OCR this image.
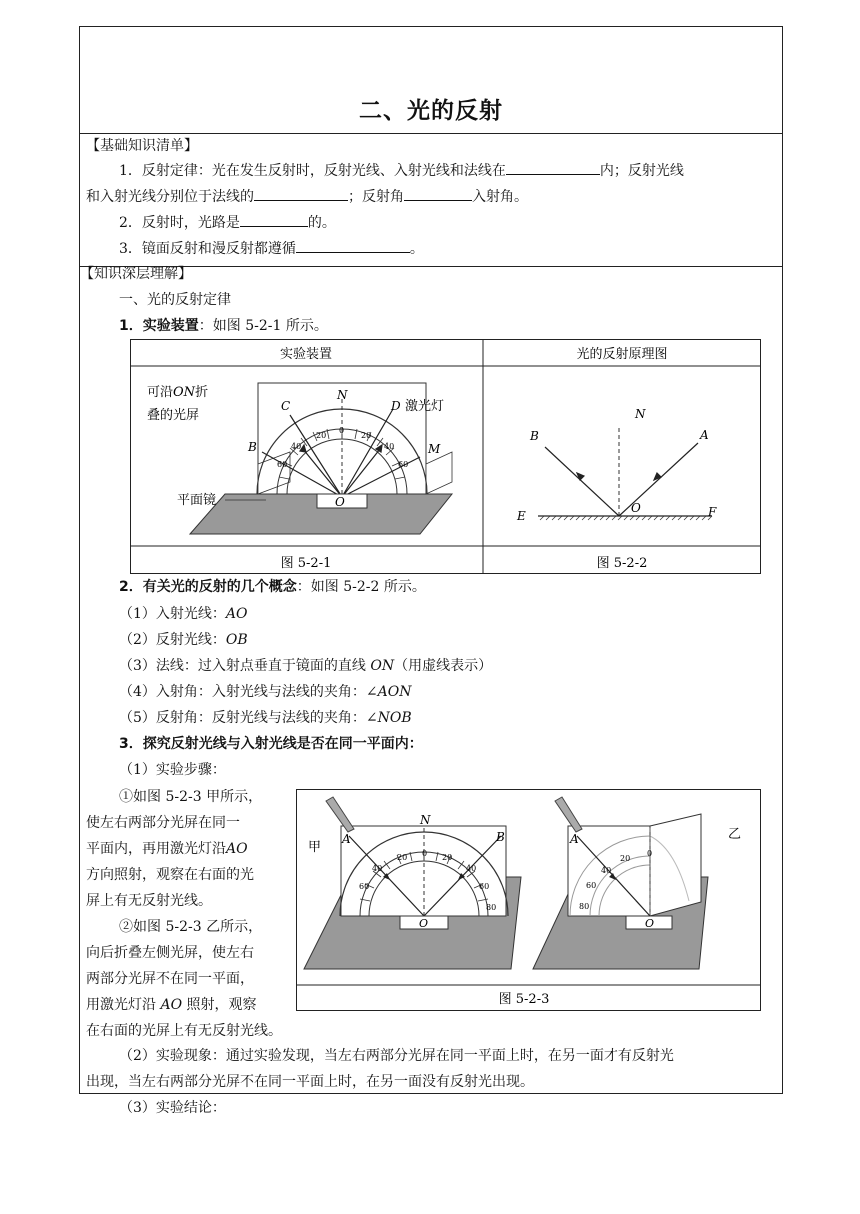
二、光的反射
【基础知识清单】
1．反射定律：光在发生反射时，反射光线、入射光线和法线在	内；反射光线
和入射光线分别位于法线的	；反射角	入射角。
2．反射时，光路是	的。
3．镜面反射和漫反射都遵循	。
【知识深层理解】
一、光的反射定律
1．实验装置：如图 5-2-1 所示。
实验装置	光的反射原理图
图 5-2-1	图 5-2-2
O
N
C	D
B	M
激光灯
可沿ON折
叠的光屏
平面镜
20	20
40	40
60	60
0
N
B	A
O
E	F
2．有关光的反射的几个概念：如图 5-2-2 所示。
（1）入射光线：AO
（2）反射光线：OB
（3）法线：过入射点垂直于镜面的直线 ON（用虚线表示）
（4）入射角：入射光线与法线的夹角：∠AON
（5）反射角：反射光线与法线的夹角：∠NOB
3．探究反射光线与入射光线是否在同一平面内：
（1）实验步骤：
①如图 5-2-3 甲所示，
使左右两部分光屏在同一
平面内，再用激光灯沿AO
方向照射，观察在右面的光
屏上有无反射光线。
②如图 5-2-3 乙所示，
向后折叠左侧光屏，使左右
两部分光屏不在同一平面，
用激光灯沿 AO 照射，观察
在右面的光屏上有无反射光线。
（2）实验现象：通过实验发现，当左右两部分光屏在同一平面上时，在另一面才有反射光
出现，当左右两部分光屏不在同一平面上时，在另一面没有反射光出现。
（3）实验结论：
图 5-2-3
N
A	B
O
甲
20	20
40	40
60	60
80
0
A
O
乙
20
40
60
80
0
